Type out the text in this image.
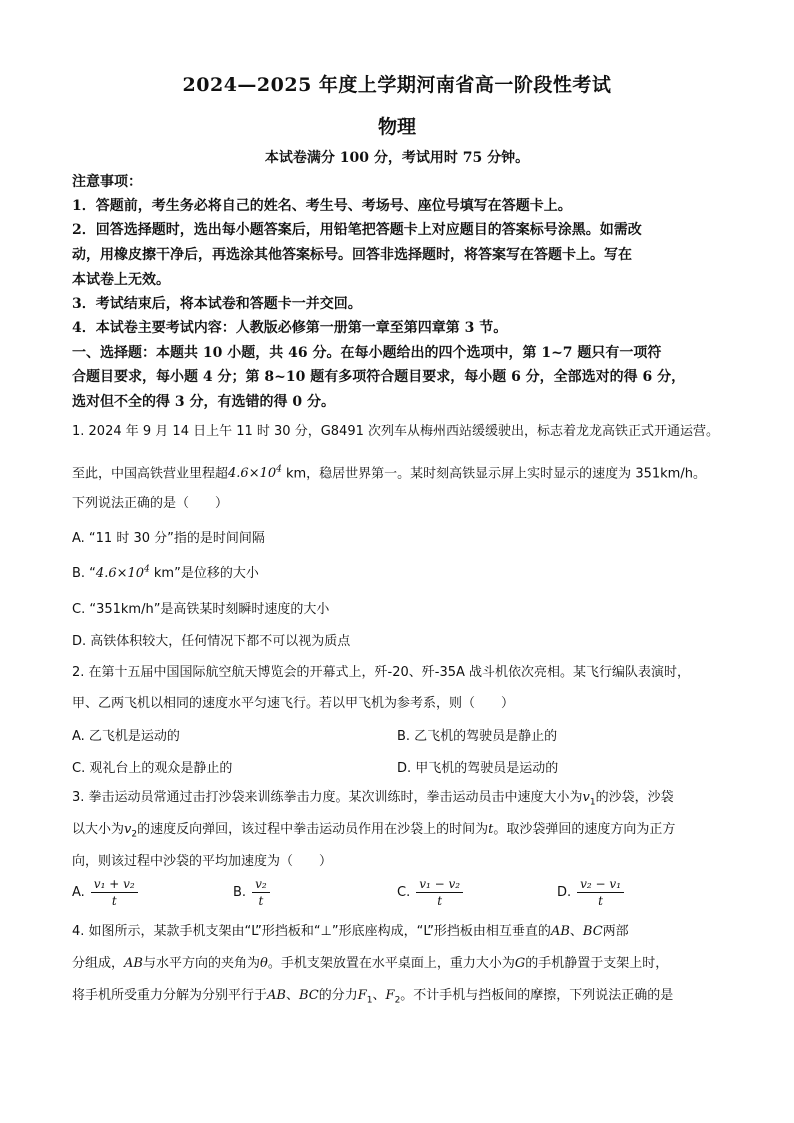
2024—2025 年度上学期河南省高一阶段性考试
物理
本试卷满分 100 分，考试用时 75 分钟。
注意事项：
1．答题前，考生务必将自己的姓名、考生号、考场号、座位号填写在答题卡上。
2．回答选择题时，选出每小题答案后，用铅笔把答题卡上对应题目的答案标号涂黑。如需改
动，用橡皮擦干净后，再选涂其他答案标号。回答非选择题时，将答案写在答题卡上。写在
本试卷上无效。
3．考试结束后，将本试卷和答题卡一并交回。
4．本试卷主要考试内容：人教版必修第一册第一章至第四章第 3 节。
一、选择题：本题共 10 小题，共 46 分。在每小题给出的四个选项中，第 1~7 题只有一项符
合题目要求，每小题 4 分；第 8~10 题有多项符合题目要求，每小题 6 分，全部选对的得 6 分，
选对但不全的得 3 分，有选错的得 0 分。
1. 2024 年 9 月 14 日上午 11 时 30 分，G8491 次列车从梅州西站缓缓驶出，标志着龙龙高铁正式开通运营。
至此，中国高铁营业里程超$4.6\times 10^4$ km，稳居世界第一。某时刻高铁显示屏上实时显示的速度为 351km/h。
下列说法正确的是（　　）
A. “11 时 30 分”指的是时间间隔
B. “$4.6\times 10^4$ km”是位移的大小
C. “351km/h”是高铁某时刻瞬时速度的大小
D. 高铁体积较大，任何情况下都不可以视为质点
2. 在第十五届中国国际航空航天博览会的开幕式上，歼-20、歼-35A 战斗机依次亮相。某飞行编队表演时，
甲、乙两飞机以相同的速度水平匀速飞行。若以甲飞机为参考系，则（　　）
A. 乙飞机是运动的	B. 乙飞机的驾驶员是静止的
C. 观礼台上的观众是静止的	D. 甲飞机的驾驶员是运动的
3. 拳击运动员常通过击打沙袋来训练拳击力度。某次训练时，拳击运动员击中速度大小为$v_1$的沙袋，沙袋
以大小为$v_2$的速度反向弹回，该过程中拳击运动员作用在沙袋上的时间为t。取沙袋弹回的速度方向为正方
向，则该过程中沙袋的平均加速度为（　　）
A. $\frac{\text{v₁ + v₂}}{t}$	B. $\frac{\text{v₂}}{t}$	C. $\frac{\text{v₁ − v₂}}{t}$	D. $\frac{\text{v₂ − v₁}}{t}$
4. 如图所示，某款手机支架由“L”形挡板和“⊥”形底座构成，“L”形挡板由相互垂直的AB、BC两部
分组成，AB与水平方向的夹角为θ。手机支架放置在水平桌面上，重力大小为G的手机静置于支架上时，
将手机所受重力分解为分别平行于AB、BC的分力$F_1$、$F_2$。不计手机与挡板间的摩擦，下列说法正确的是
